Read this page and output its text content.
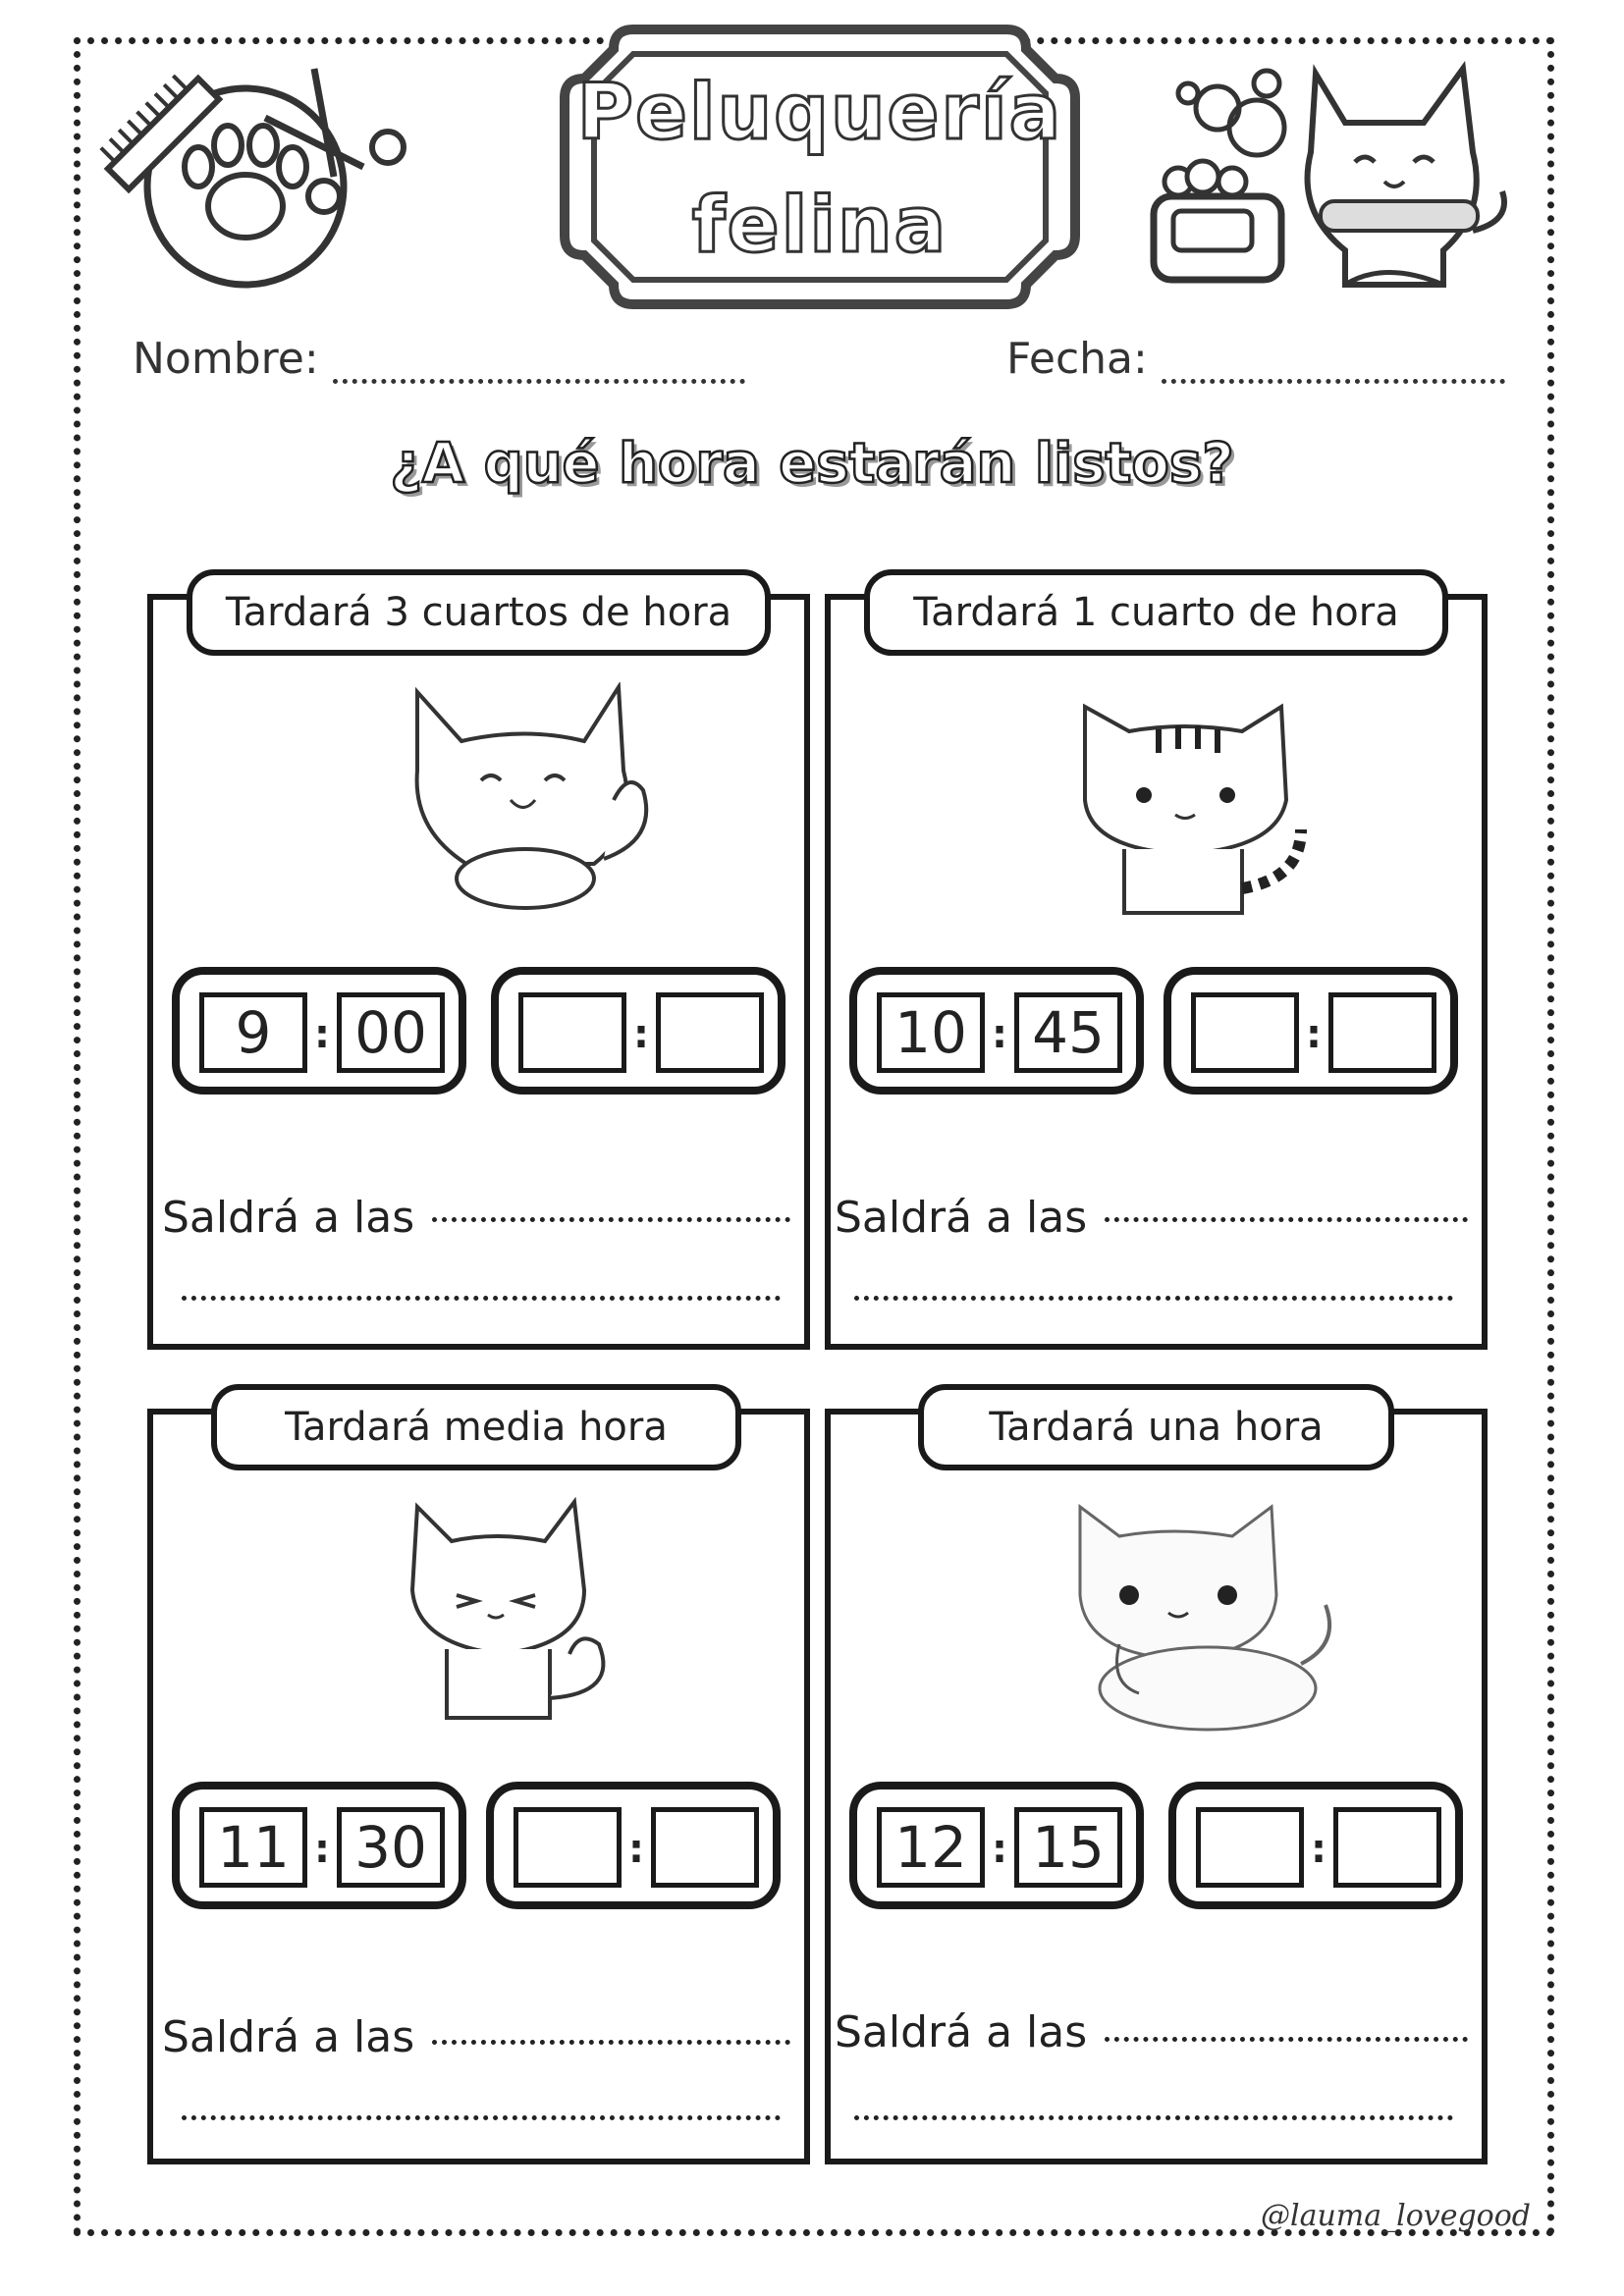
Peluquería
felina
Nombre:	Fecha:
¿A qué hora estarán listos?
Tardará 3 cuartos de hora
9	: 00	:
Saldrá a las
Tardará 1 cuarto de hora
10 : 45	:
Saldrá a las
Tardará media hora
11 : 30	:
Saldrá a las
Tardará una hora
12 : 15	:
Saldrá a las
@lauma_lovegood
